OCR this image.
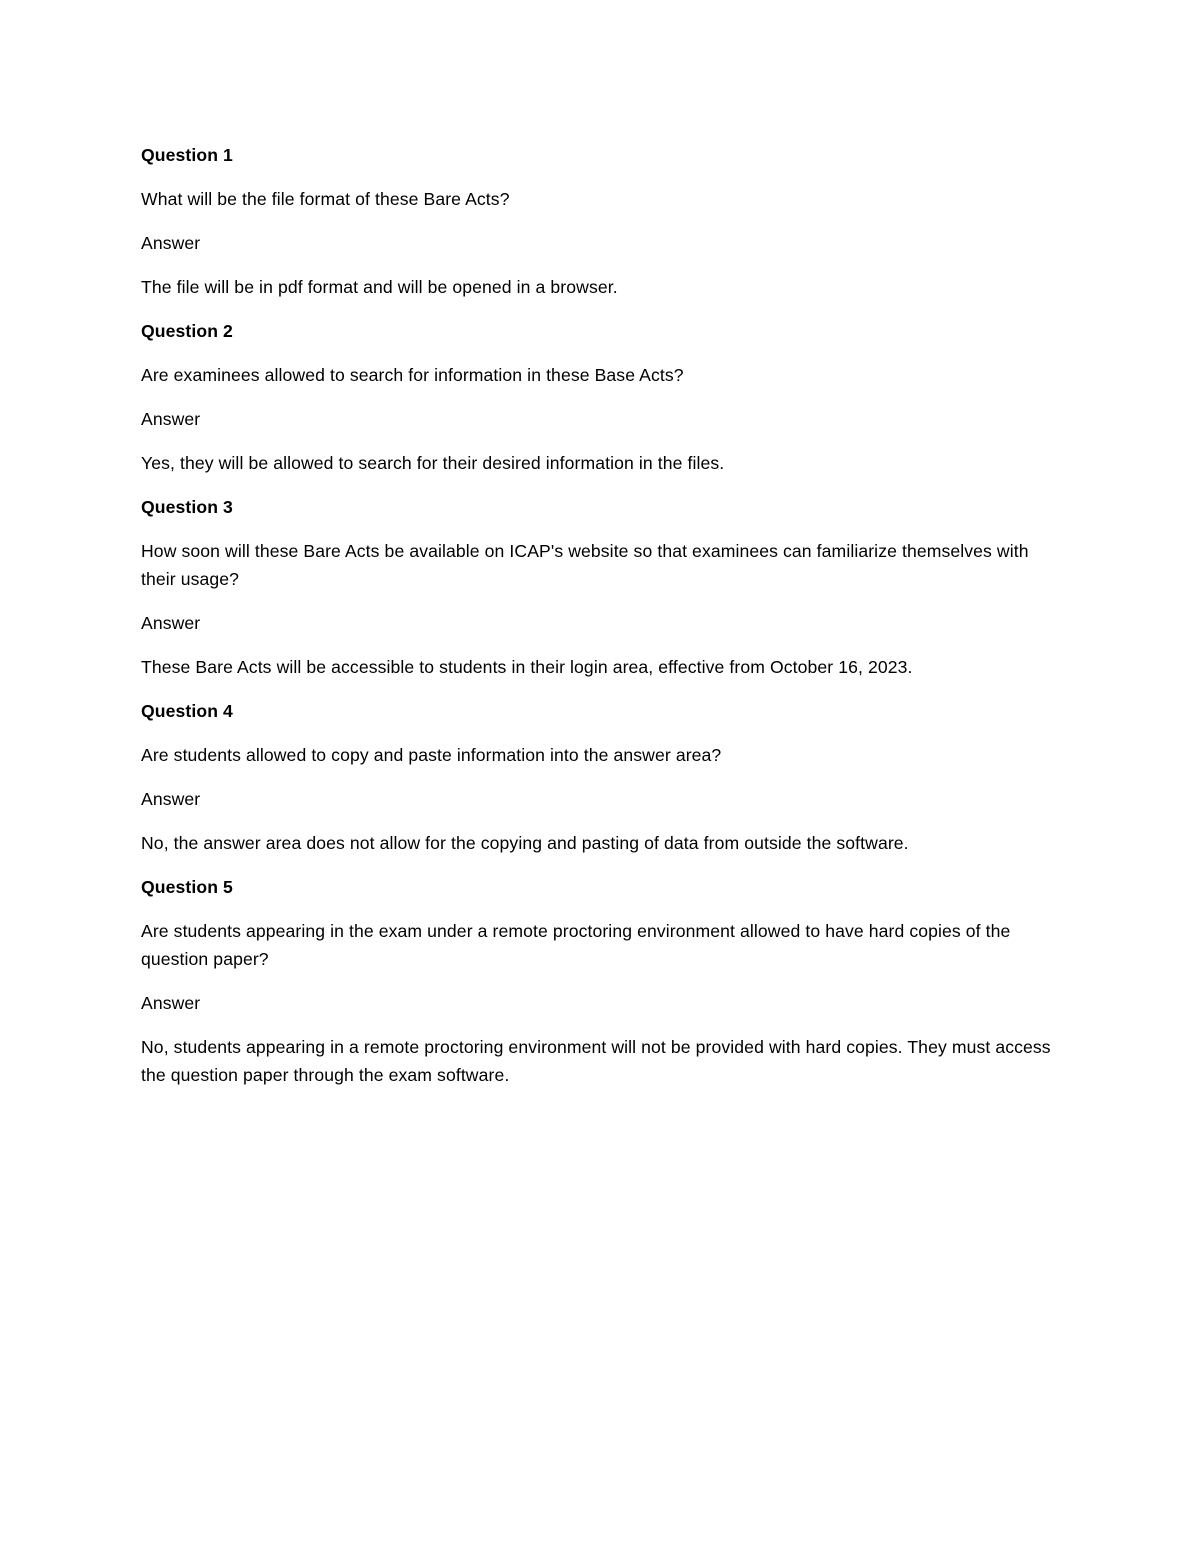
Question 1

What will be the file format of these Bare Acts?

Answer

The file will be in pdf format and will be opened in a browser.

Question 2

Are examinees allowed to search for information in these Base Acts?

Answer

Yes, they will be allowed to search for their desired information in the files.

Question 3

How soon will these Bare Acts be available on ICAP's website so that examinees can familiarize themselves with their usage?

Answer

These Bare Acts will be accessible to students in their login area, effective from October 16, 2023.

Question 4

Are students allowed to copy and paste information into the answer area?

Answer

No, the answer area does not allow for the copying and pasting of data from outside the software.

Question 5

Are students appearing in the exam under a remote proctoring environment allowed to have hard copies of the question paper?

Answer

No, students appearing in a remote proctoring environment will not be provided with hard copies. They must access the question paper through the exam software.
